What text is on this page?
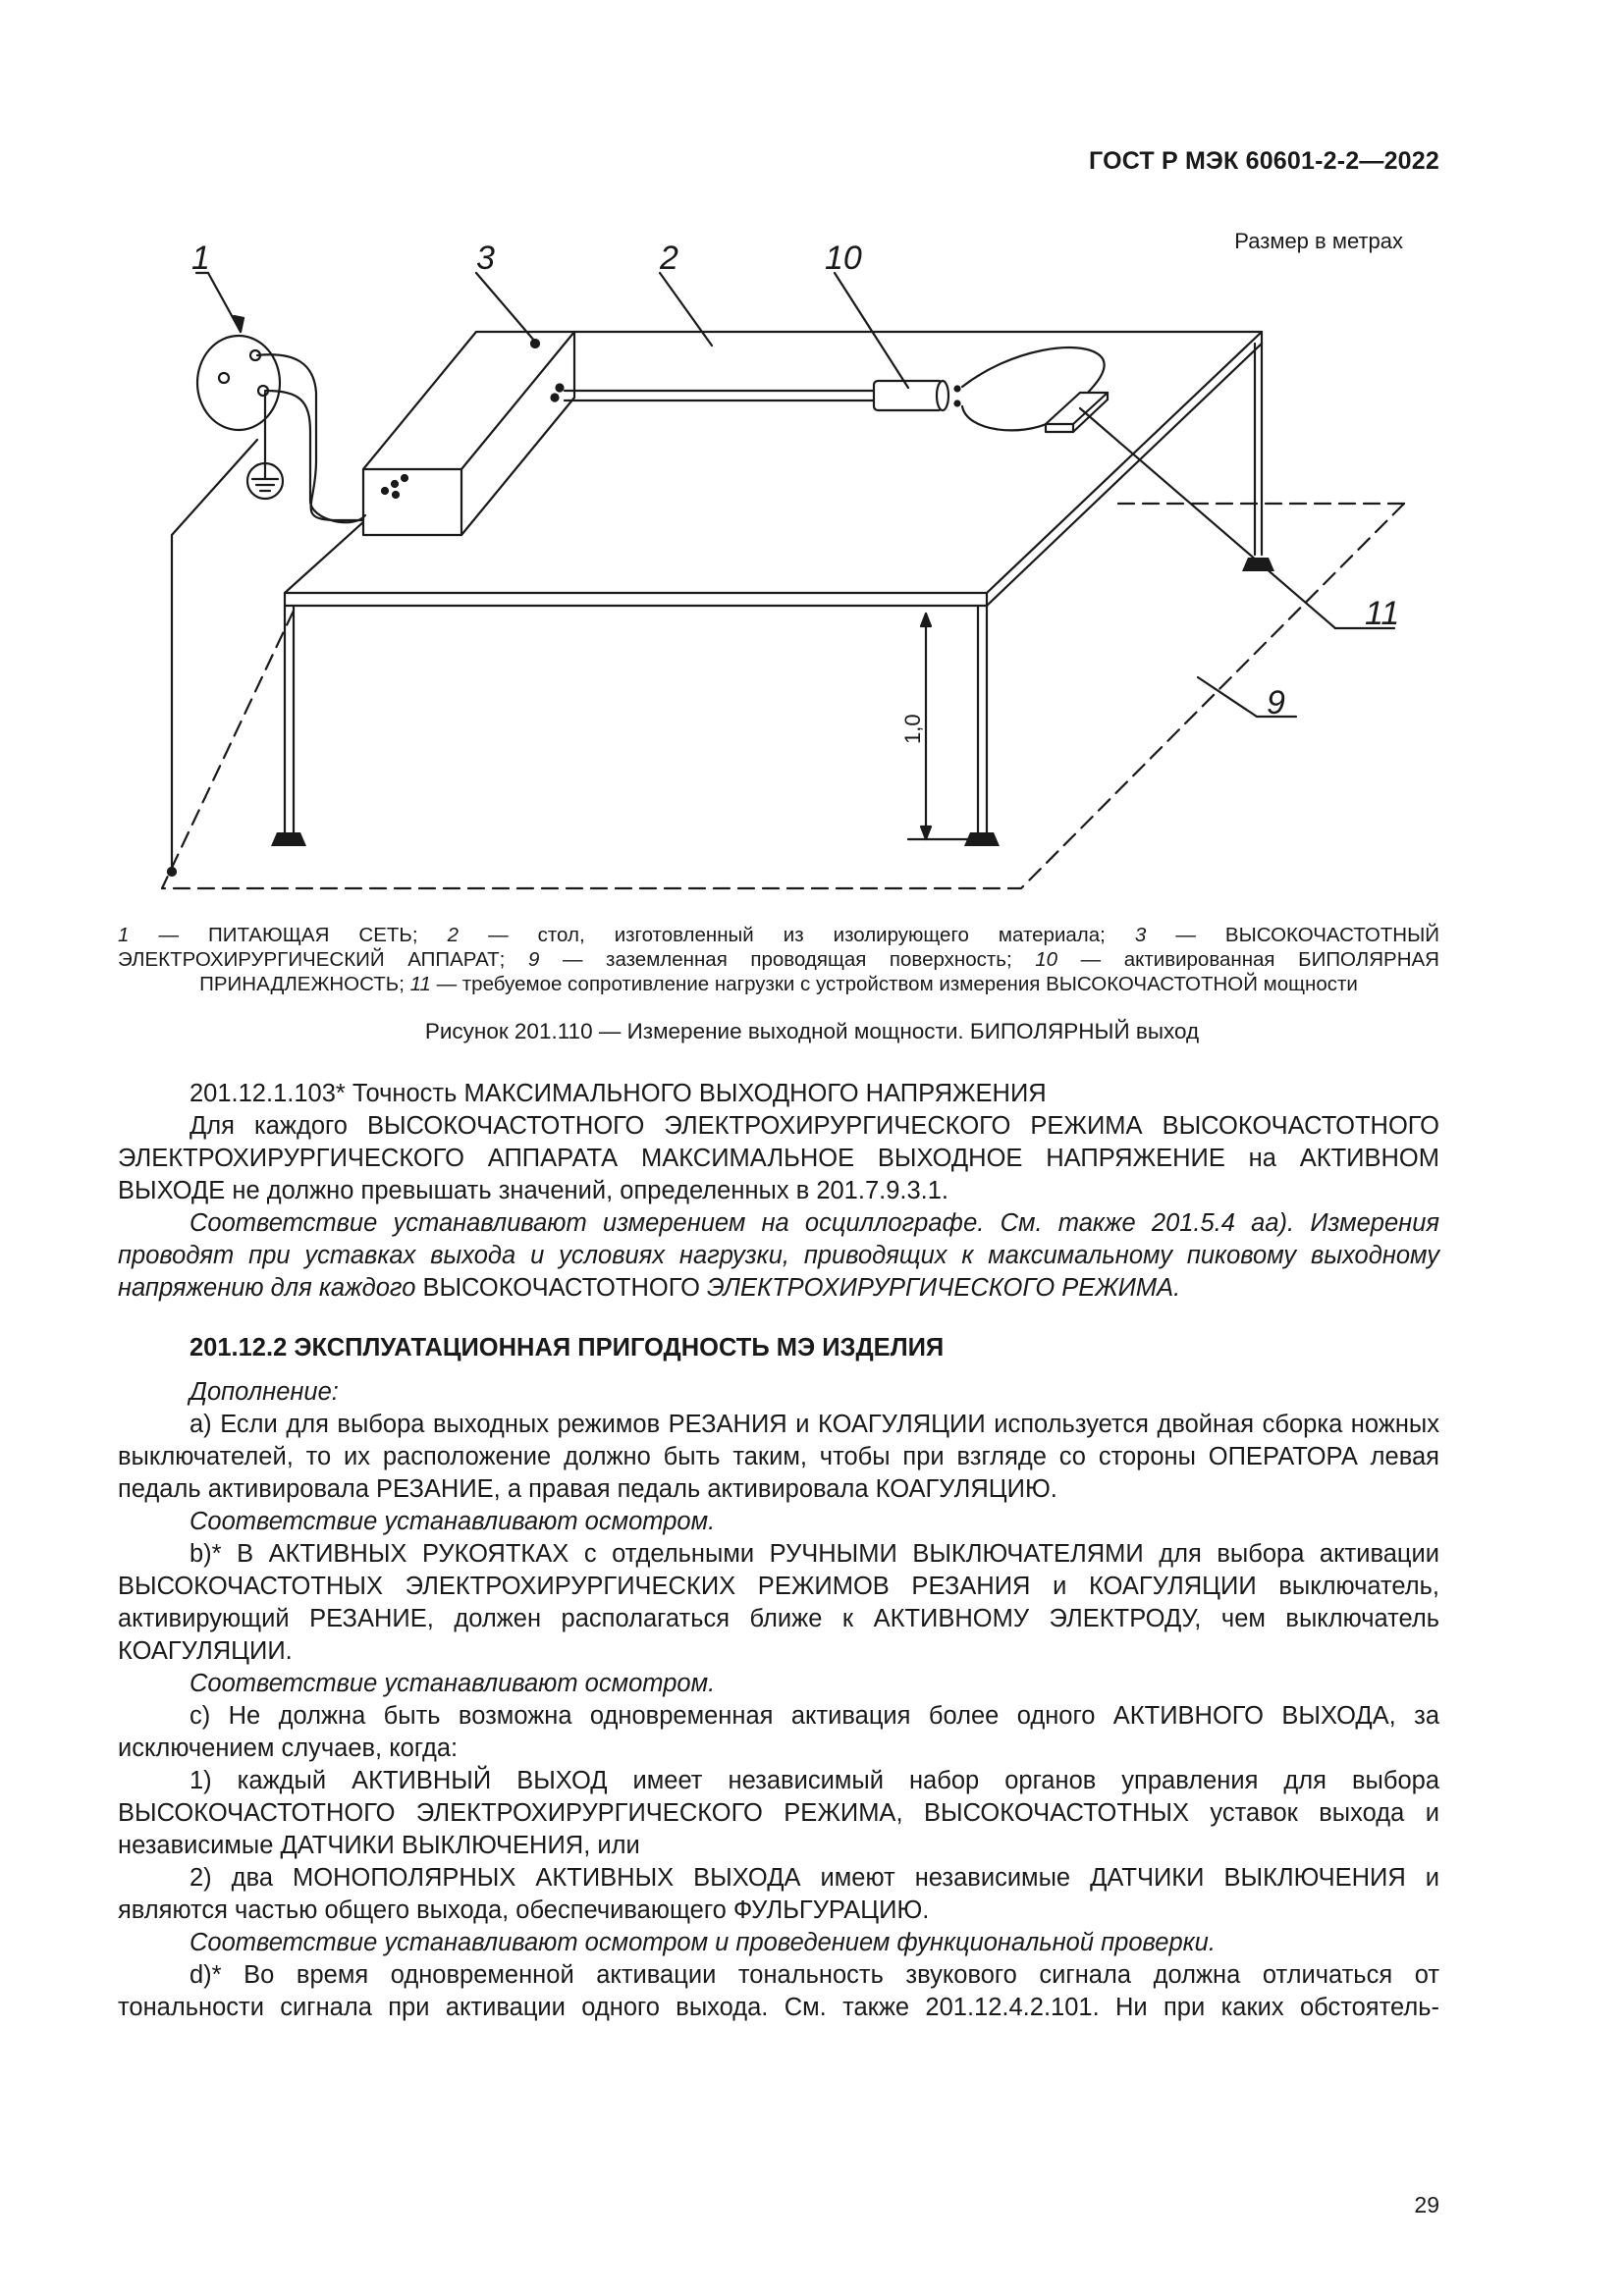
ГОСТ Р МЭК 60601-2-2—2022
Размер в метрах
1	3	2	10
11
9
1,0
1 — ПИТАЮЩАЯ СЕТЬ; 2 — стол, изготовленный из изолирующего материала; 3 — ВЫСОКОЧАСТОТНЫЙ
ЭЛЕКТРОХИРУРГИЧЕСКИЙ АППАРАТ; 9 — заземленная проводящая поверхность; 10 — активированная БИПОЛЯРНАЯ
ПРИНАДЛЕЖНОСТЬ; 11 — требуемое сопротивление нагрузки с устройством измерения ВЫСОКОЧАСТОТНОЙ мощности
Рисунок 201.110 — Измерение выходной мощности. БИПОЛЯРНЫЙ выход

201.12.1.103* Точность МАКСИМАЛЬНОГО ВЫХОДНОГО НАПРЯЖЕНИЯ

Для каждого ВЫСОКОЧАСТОТНОГО ЭЛЕКТРОХИРУРГИЧЕСКОГО РЕЖИМА ВЫСОКОЧАСТОТНОГО ЭЛЕКТРОХИРУРГИЧЕСКОГО АППАРАТА МАКСИМАЛЬНОЕ ВЫХОДНОЕ НАПРЯЖЕНИЕ на АКТИВНОМ ВЫХОДЕ не должно превышать значений, определенных в 201.7.9.3.1.

Соответствие устанавливают измерением на осциллографе. См. также 201.5.4 аа). Измерения проводят при уставках выхода и условиях нагрузки, приводящих к максимальному пиковому выходному напряжению для каждого ВЫСОКОЧАСТОТНОГО ЭЛЕКТРОХИРУРГИЧЕСКОГО РЕЖИМА.

201.12.2 ЭКСПЛУАТАЦИОННАЯ ПРИГОДНОСТЬ МЭ ИЗДЕЛИЯ

Дополнение:

а) Если для выбора выходных режимов РЕЗАНИЯ и КОАГУЛЯЦИИ используется двойная сборка ножных выключателей, то их расположение должно быть таким, чтобы при взгляде со стороны ОПЕРАТОРА левая педаль активировала РЕЗАНИЕ, а правая педаль активировала КОАГУЛЯЦИЮ.

Соответствие устанавливают осмотром.

b)* В АКТИВНЫХ РУКОЯТКАХ с отдельными РУЧНЫМИ ВЫКЛЮЧАТЕЛЯМИ для выбора активации ВЫСОКОЧАСТОТНЫХ ЭЛЕКТРОХИРУРГИЧЕСКИХ РЕЖИМОВ РЕЗАНИЯ и КОАГУЛЯЦИИ выключатель, активирующий РЕЗАНИЕ, должен располагаться ближе к АКТИВНОМУ ЭЛЕКТРОДУ, чем выключатель КОАГУЛЯЦИИ.

Соответствие устанавливают осмотром.

с) Не должна быть возможна одновременная активация более одного АКТИВНОГО ВЫХОДА, за исключением случаев, когда:

1) каждый АКТИВНЫЙ ВЫХОД имеет независимый набор органов управления для выбора ВЫСОКОЧАСТОТНОГО ЭЛЕКТРОХИРУРГИЧЕСКОГО РЕЖИМА, ВЫСОКОЧАСТОТНЫХ уставок выхода и независимые ДАТЧИКИ ВЫКЛЮЧЕНИЯ, или

2) два МОНОПОЛЯРНЫХ АКТИВНЫХ ВЫХОДА имеют независимые ДАТЧИКИ ВЫКЛЮЧЕНИЯ и являются частью общего выхода, обеспечивающего ФУЛЬГУРАЦИЮ.

Соответствие устанавливают осмотром и проведением функциональной проверки.

d)* Во время одновременной активации тональность звукового сигнала должна отличаться от тональности сигнала при активации одного выхода. См. также 201.12.4.2.101. Ни при каких обстоятель-

29
